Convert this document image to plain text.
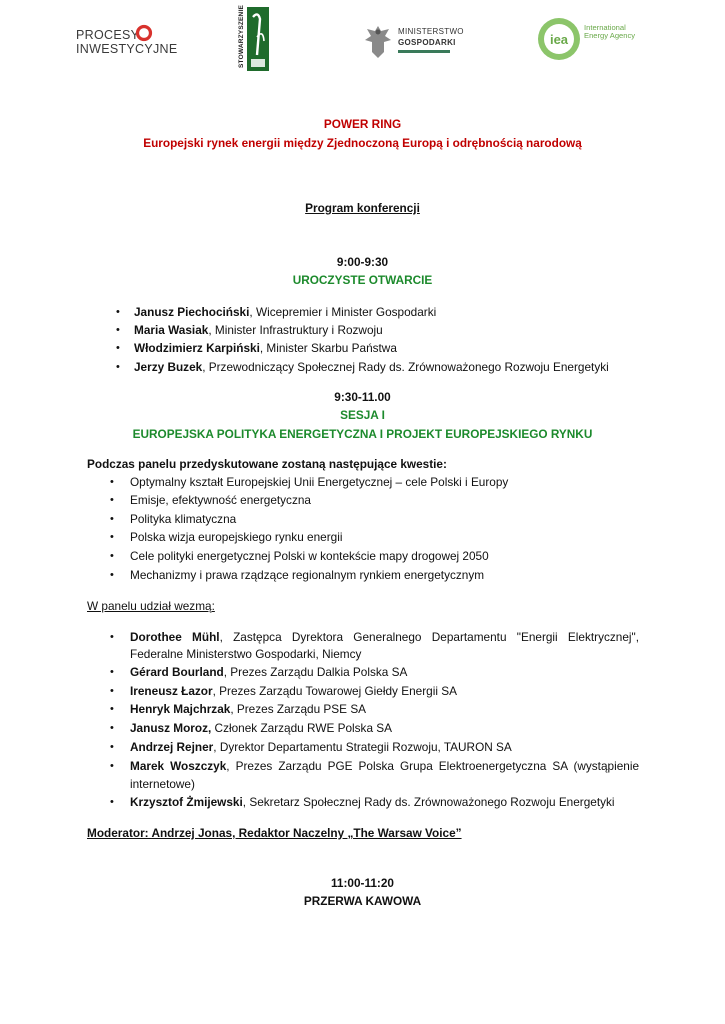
PROCESY
INWESTYCYJNE	STOWARZYSZENIE	MINISTERSTWO
GOSPODARKI	iea
International
Energy Agency
POWER RING
Europejski rynek energii między Zjednoczoną Europą i odrębnością narodową
Program konferencji
9:00-9:30
UROCZYSTE OTWARCIE
• Janusz Piechociński, Wicepremier i Minister Gospodarki
• Maria Wasiak, Minister Infrastruktury i Rozwoju
• Włodzimierz Karpiński, Minister Skarbu Państwa
• Jerzy Buzek, Przewodniczący Społecznej Rady ds. Zrównoważonego Rozwoju Energetyki
9:30-11.00
SESJA I
EUROPEJSKA POLITYKA ENERGETYCZNA I PROJEKT EUROPEJSKIEGO RYNKU
Podczas panelu przedyskutowane zostaną następujące kwestie:
• Optymalny kształt Europejskiej Unii Energetycznej – cele Polski i Europy
• Emisje, efektywność energetyczna
• Polityka klimatyczna
• Polska wizja europejskiego rynku energii
• Cele polityki energetycznej Polski w kontekście mapy drogowej 2050
• Mechanizmy i prawa rządzące regionalnym rynkiem energetycznym
W panelu udział wezmą:
• Dorothee Mühl, Zastępca Dyrektora Generalnego Departamentu "Energii Elektrycznej",
Federalne Ministerstwo Gospodarki, Niemcy
• Gérard Bourland, Prezes Zarządu Dalkia Polska SA
• Ireneusz Łazor, Prezes Zarządu Towarowej Giełdy Energii SA
• Henryk Majchrzak, Prezes Zarządu PSE SA
• Janusz Moroz, Członek Zarządu RWE Polska SA
• Andrzej Rejner, Dyrektor Departamentu Strategii Rozwoju, TAURON SA
• Marek Woszczyk, Prezes Zarządu PGE Polska Grupa Elektroenergetyczna SA (wystąpienie
internetowe)
• Krzysztof Żmijewski, Sekretarz Społecznej Rady ds. Zrównoważonego Rozwoju Energetyki
Moderator: Andrzej Jonas, Redaktor Naczelny „The Warsaw Voice”
11:00-11:20
PRZERWA KAWOWA
